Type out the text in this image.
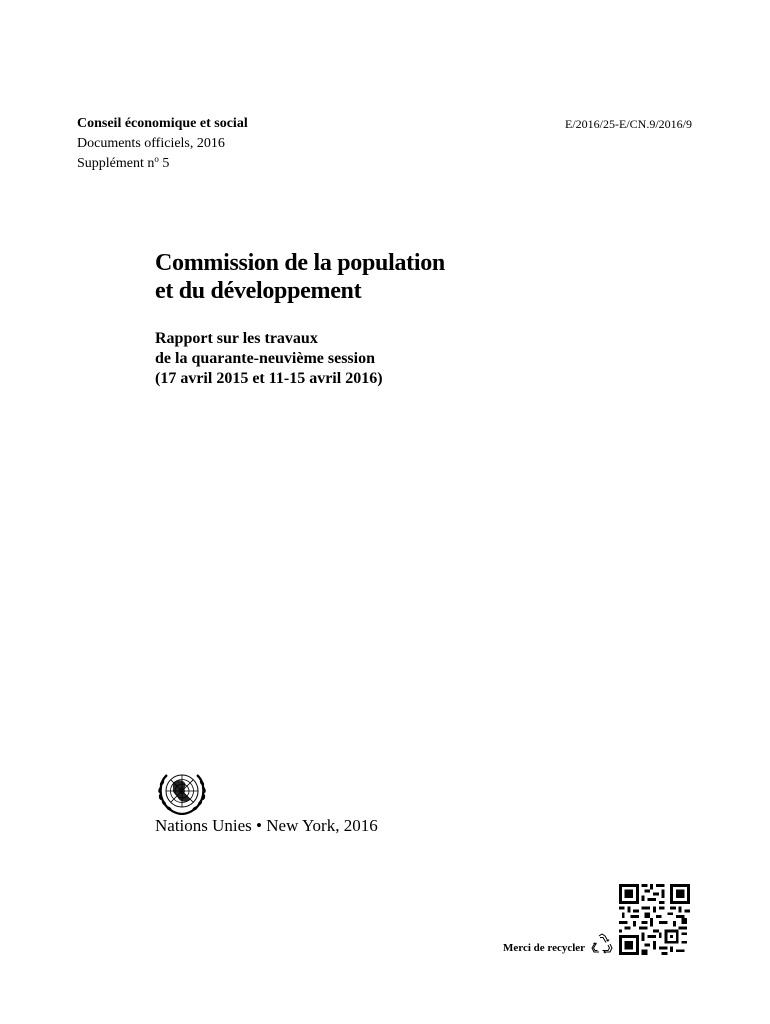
Conseil économique et social
Documents officiels, 2016
Supplément $n^o$ 5
E/2016/25-E/CN.9/2016/9
Commission de la population
et du développement
Rapport sur les travaux
de la quarante-neuvième session
(17 avril 2015 et 11-15 avril 2016)
Nations Unies • New York, 2016
Merci de recycler
